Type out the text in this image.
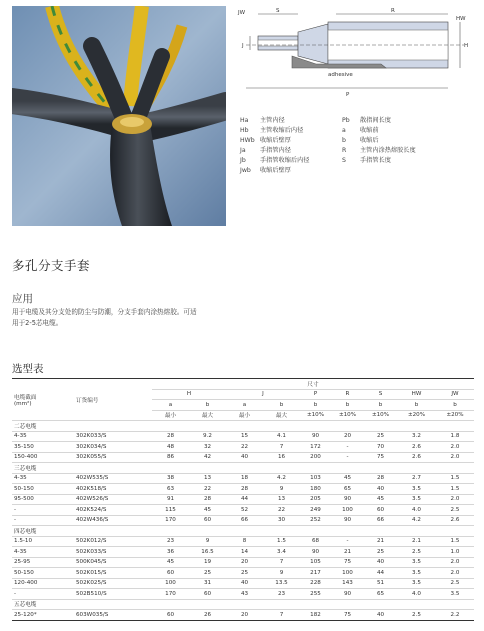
JW	S	R
HW
J	H
adhesive
P
Ha	主管内径	Pb	散指间长度
Hb	主管收缩后内径	a	收缩前
HWb 收缩后壁厚	b	收缩后
Ja	手指管内径	R	主管内涂热熔胶长度
Jb	手指管收缩后内径	S	手指管长度
Jwb	收缩后壁厚
多孔分支手套
应用
用于电缆及其分支处的防尘与防潮，分支手套内涂热熔胶。可适
用于2-5芯电缆。
选型表
电缆截面
(mm²)	订货编号	尺寸								
		H		J		P	R	S	HW	JW
		a	b	a	b	b	b	b	b	b
		最小	最大	最小	最大	±10%	±10%	±10%	±20%	±20%
二芯电缆										
4-35	302K033/S	28	9.2	15	4.1	90	20	25	3.2	1.8
35-150	302K034/S	48	32	22	7	172	-	70	2.6	2.0
150-400	302K055/S	86	42	40	16	200	-	75	2.6	2.0
三芯电缆										
4-35	402W535/S	38	13	18	4.2	103	45	28	2.7	1.5
50-150	402K518/S	63	22	28	9	180	65	40	3.5	1.5
95-500	402W526/S	91	28	44	13	205	90	45	3.5	2.0
-	402K524/S	115	45	52	22	249	100	60	4.0	2.5
-	402W436/S	170	60	66	30	252	90	66	4.2	2.6
四芯电缆										
1.5-10	502K012/S	23	9	8	1.5	68	-	21	2.1	1.5
4-35	502K033/S	36	16.5	14	3.4	90	21	25	2.5	1.0
25-95	500K045/S	45	19	20	7	105	75	40	3.5	2.0
50-150	502K015/S	60	25	25	9	217	100	44	3.5	2.0
120-400	502K025/S	100	31	40	13.5	228	143	51	3.5	2.5
-	502B510/S	170	60	43	23	255	90	65	4.0	3.5
五芯电缆										
25-120*	603W035/S	60	26	20	7	182	75	40	2.5	2.2
